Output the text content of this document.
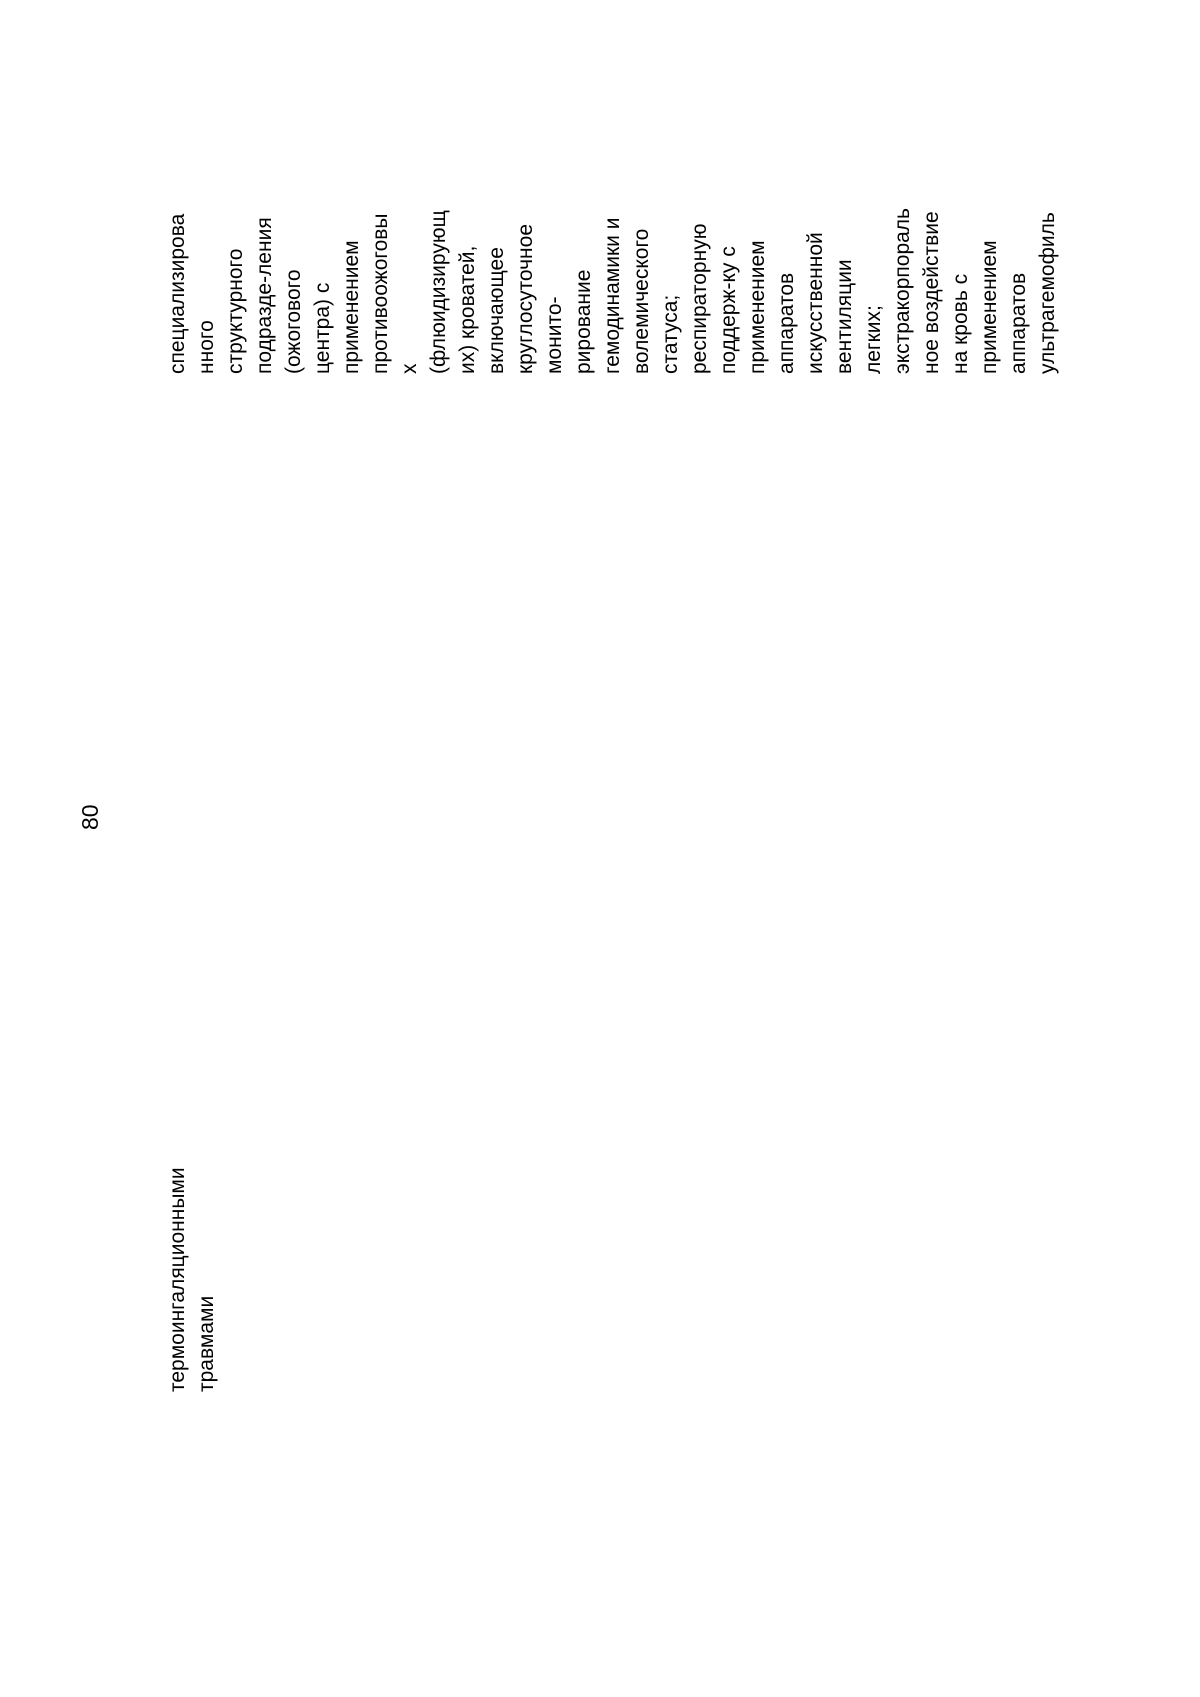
80
термоингаляционными травмами
специализирова нного структурного подразде-ления (ожогового центра) с применением противоожоговы х (флюидизирующ их) кроватей, включающее круглосуточное монито- рирование гемодинамики и волемического статуса; респираторную поддерж-ку с применением аппаратов искусственной вентиляции легких; экстракорпораль ное воздействие на кровь с применением аппаратов ультрагемофиль
